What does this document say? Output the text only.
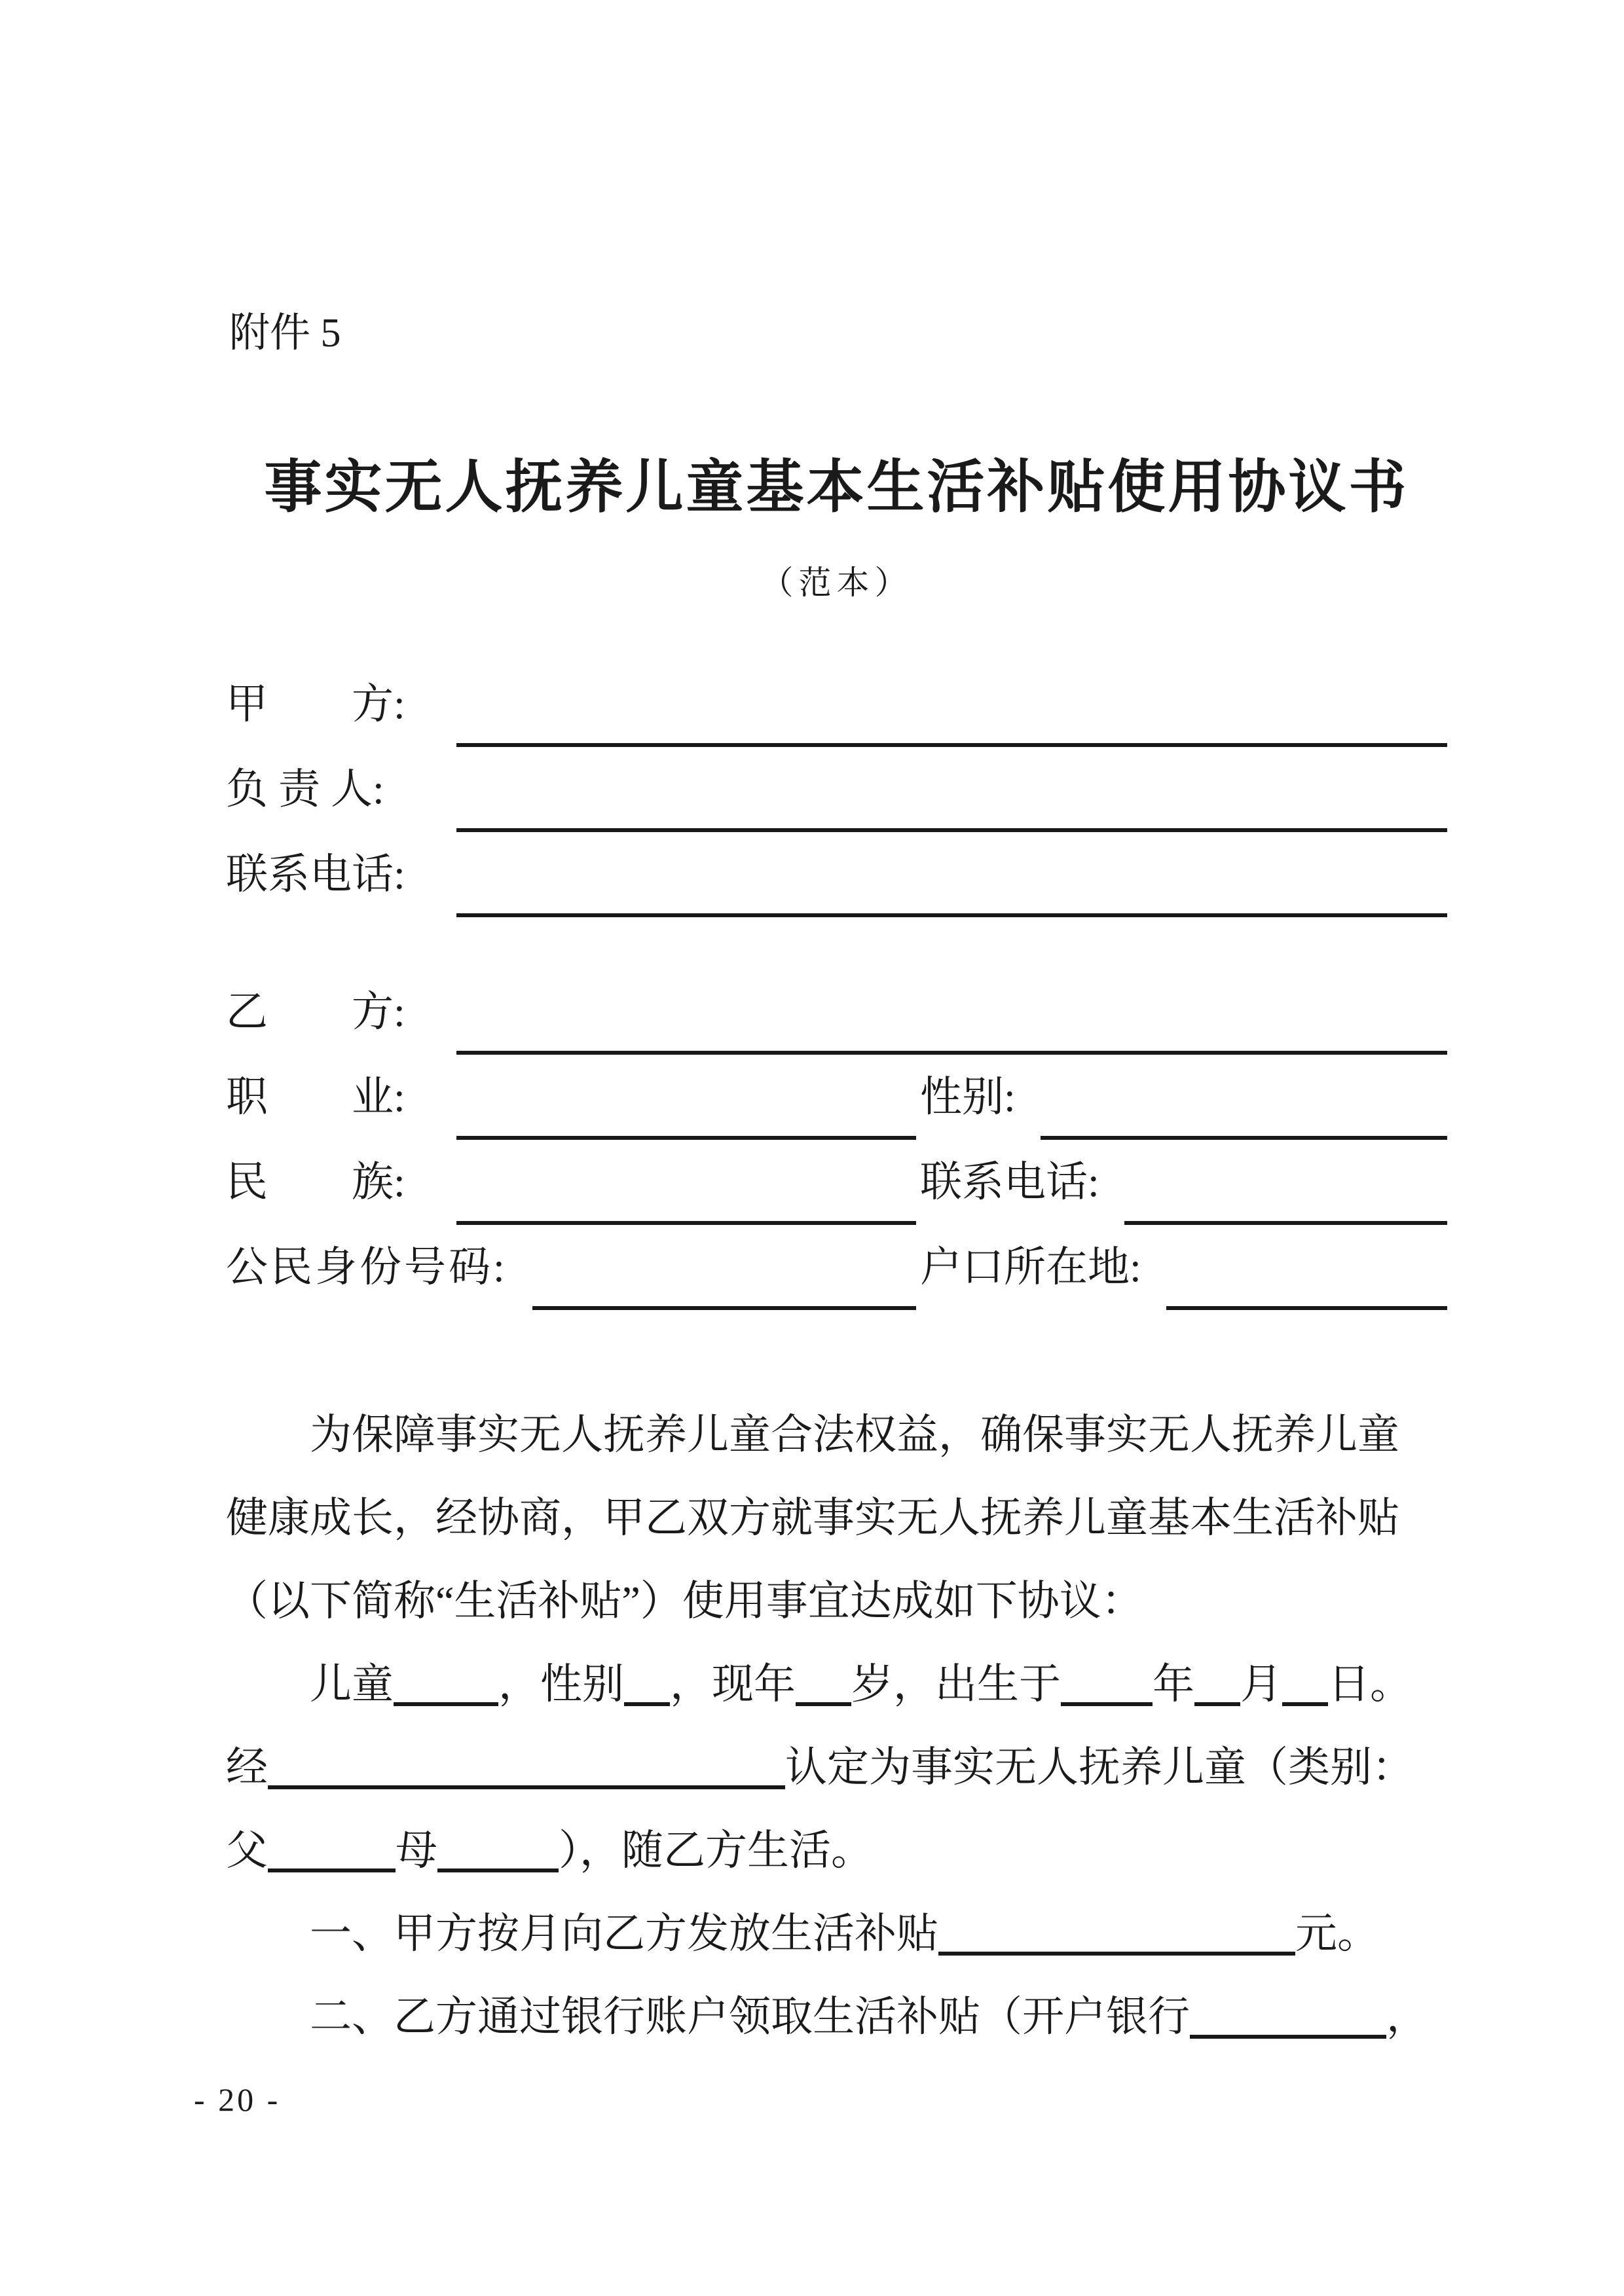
附件 5
事实无人抚养儿童基本生活补贴使用协议书
（范本）
甲　　方:
负 责 人:
联系电话:
乙　　方:
职　　业:	性别:
民　　族:	联系电话:
公民身份号码:	户口所在地:
为保障事实无人抚养儿童合法权益，确保事实无人抚养儿童
健康成长，经协商，甲乙双方就事实无人抚养儿童基本生活补贴
（以下简称“生活补贴”）使用事宜达成如下协议：
儿童	，性别 ，现年 岁，出生于 年 月 日。
经	认定为事实无人抚养儿童（类别：
父	母	），随乙方生活。
一、甲方按月向乙方发放生活补贴	元。
二、乙方通过银行账户领取生活补贴（开户银行	，
- 20 -
